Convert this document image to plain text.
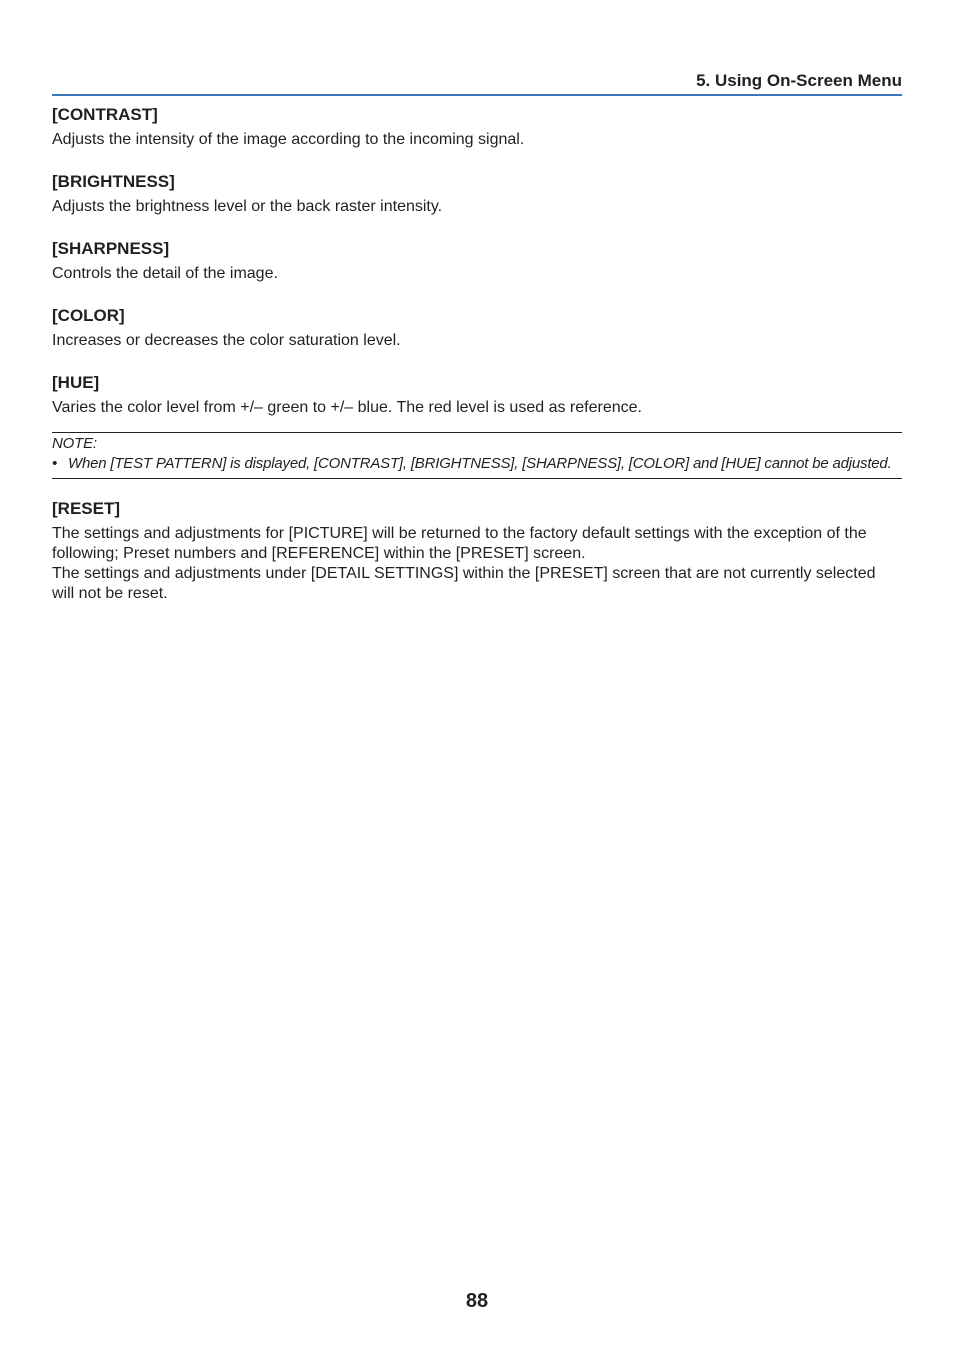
5. Using On-Screen Menu
[CONTRAST]

Adjusts the intensity of the image according to the incoming signal.

[BRIGHTNESS]

Adjusts the brightness level or the back raster intensity.

[SHARPNESS]

Controls the detail of the image.

[COLOR]

Increases or decreases the color saturation level.

[HUE]

Varies the color level from +/– green to +/– blue. The red level is used as reference.

NOTE:
• When [TEST PATTERN] is displayed, [CONTRAST], [BRIGHTNESS], [SHARPNESS], [COLOR] and [HUE] cannot be adjusted.
[RESET]

The settings and adjustments for [PICTURE] will be returned to the factory default settings with the exception of the following; Preset numbers and [REFERENCE] within the [PRESET] screen.

The settings and adjustments under [DETAIL SETTINGS] within the [PRESET] screen that are not currently selected will not be reset.

88
